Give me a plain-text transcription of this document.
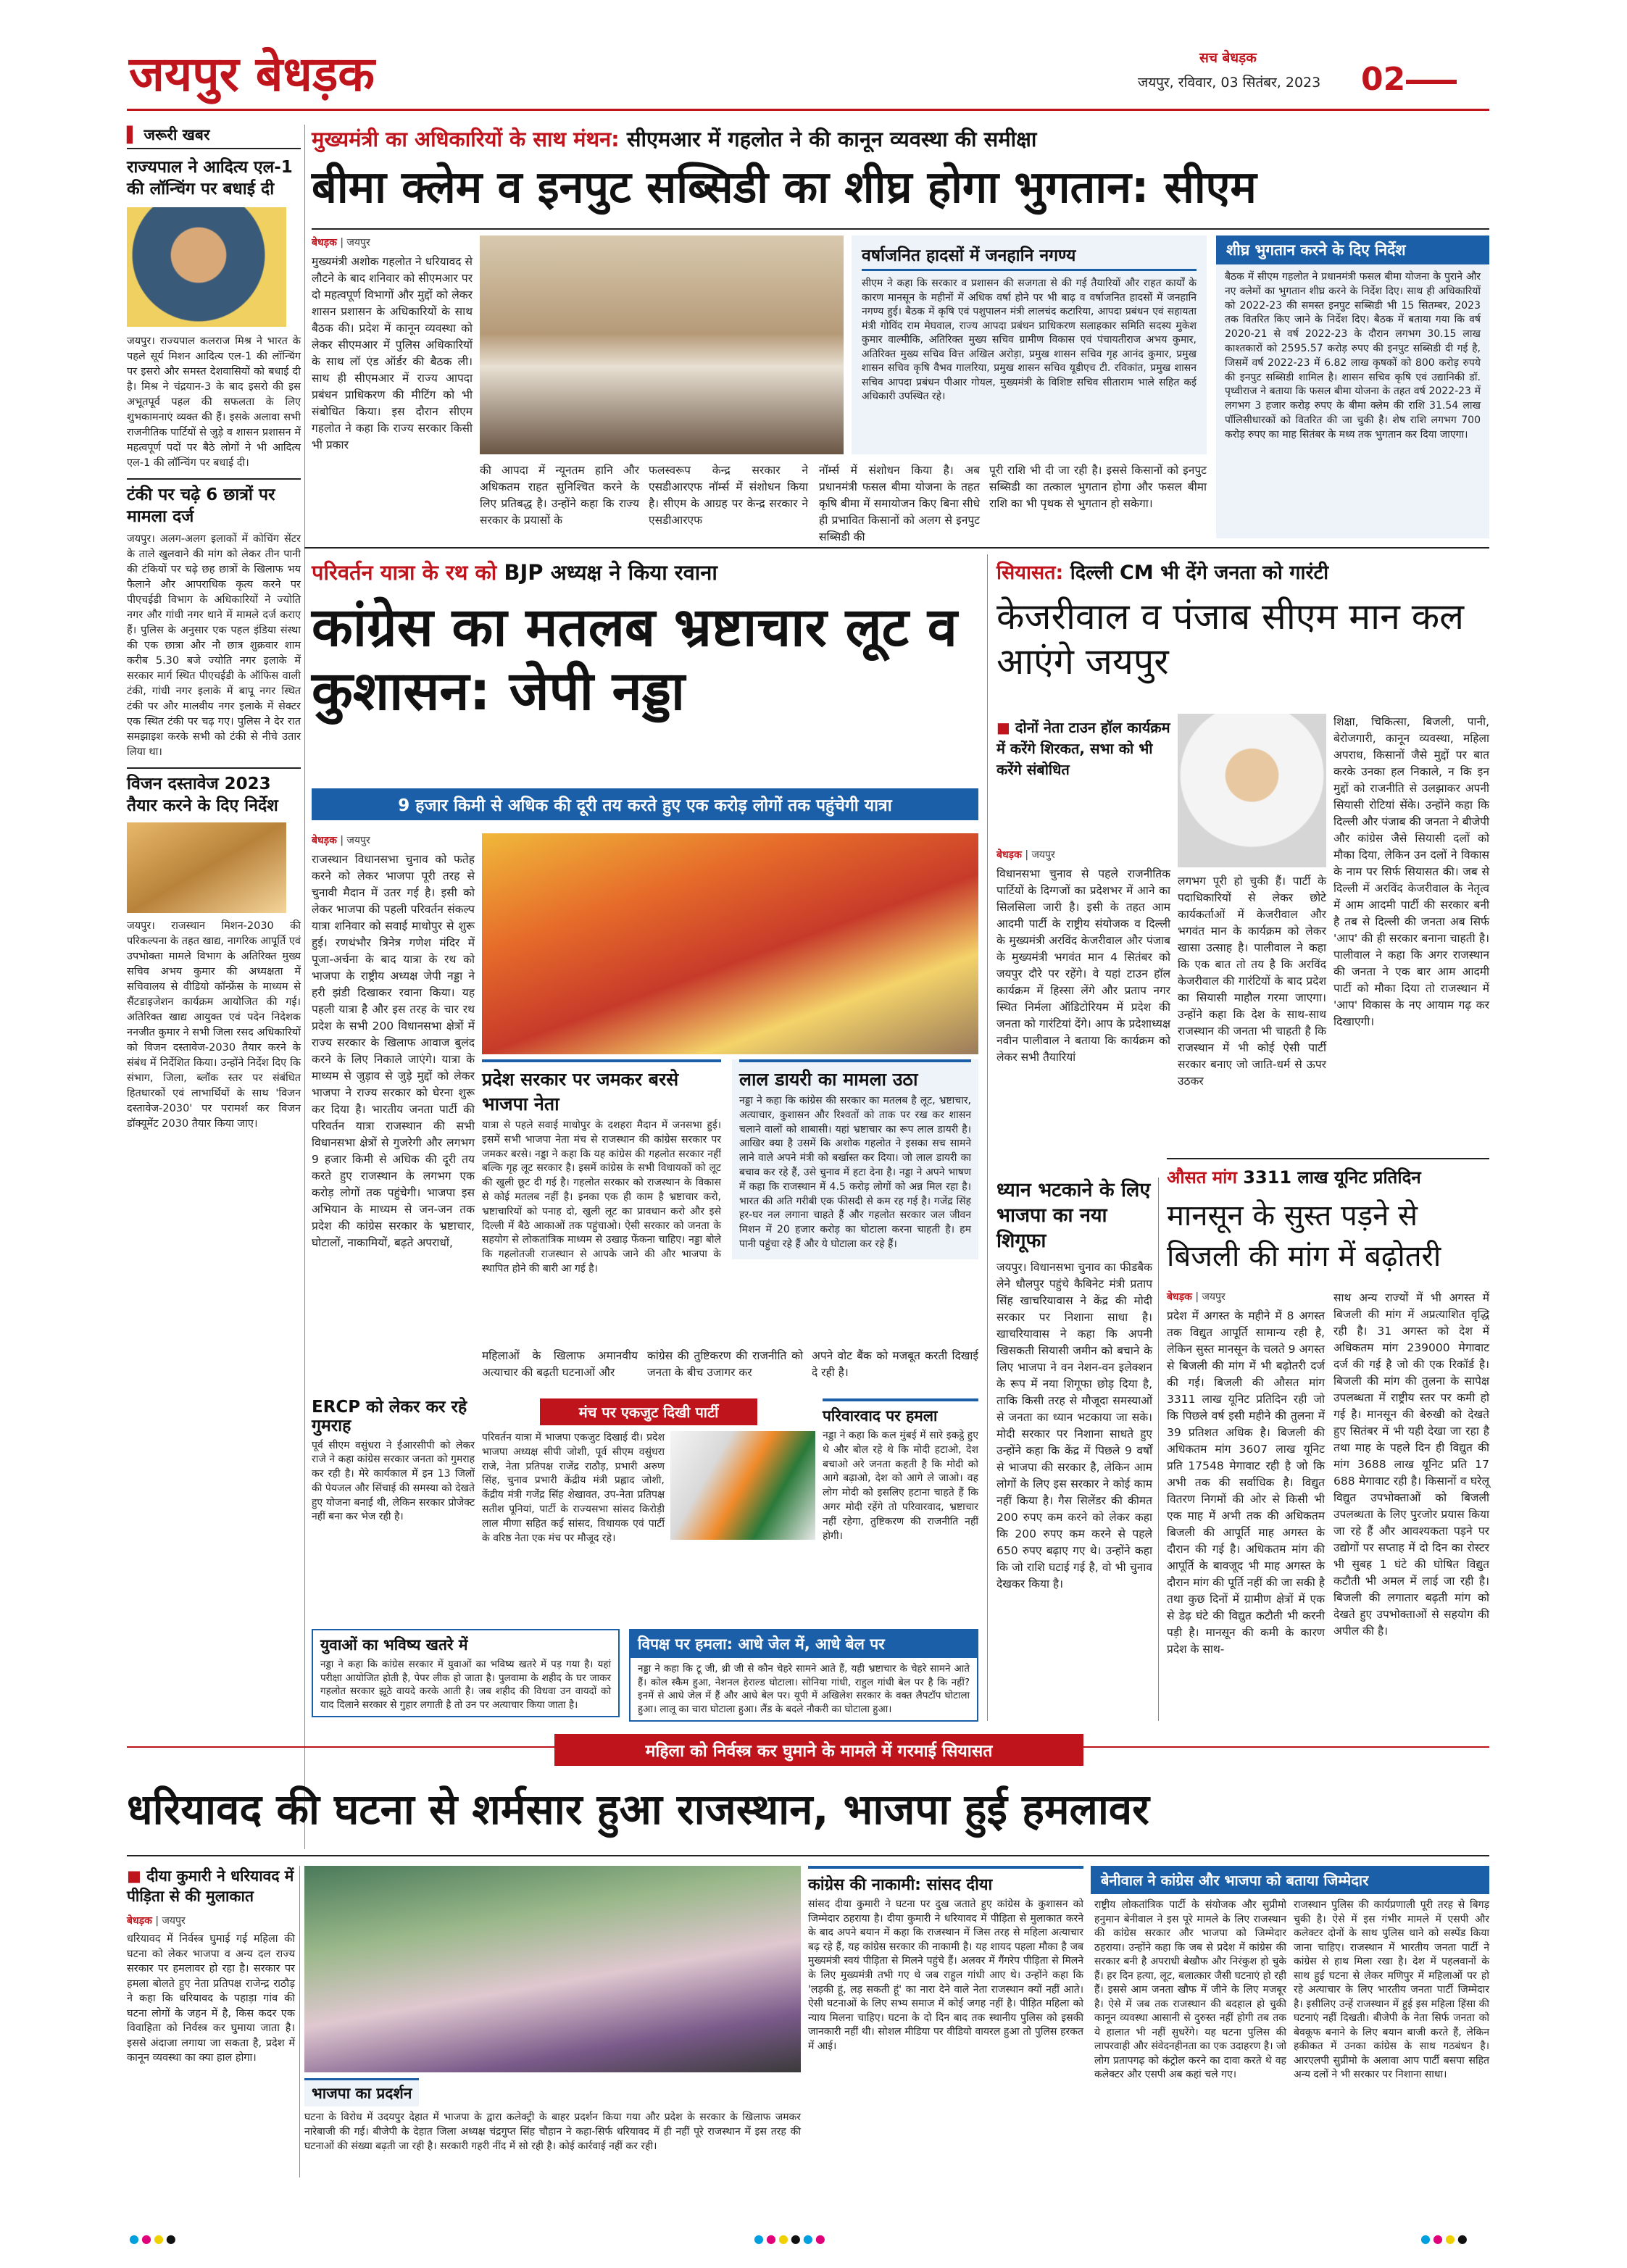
जयपुर बेधड़क	सच बेधड़क
जयपुर, रविवार, 03 सितंबर, 2023 02
▌ जरूरी खबर
राज्यपाल ने आदित्य एल-1 की लॉन्चिंग पर बधाई दी

जयपुर। राज्यपाल कलराज मिश्र ने भारत के पहले सूर्य मिशन आदित्य एल-1 की लॉन्चिंग पर इसरो और समस्त देशवासियों को बधाई दी है। मिश्र ने चंद्रयान-3 के बाद इसरो की इस अभूतपूर्व पहल की सफलता के लिए शुभकामनाएं व्यक्त की हैं। इसके अलावा सभी राजनीतिक पार्टियों से जुड़े व शासन प्रशासन में महत्वपूर्ण पदों पर बैठे लोगों ने भी आदित्य एल-1 की लॉन्चिंग पर बधाई दी।

टंकी पर चढ़े 6 छात्रों पर मामला दर्ज

जयपुर। अलग-अलग इलाकों में कोचिंग सेंटर के ताले खुलवाने की मांग को लेकर तीन पानी की टंकियों पर चढ़े छह छात्रों के खिलाफ भय फैलाने और आपराधिक कृत्य करने पर पीएचईडी विभाग के अधिकारियों ने ज्योति नगर और गांधी नगर थाने में मामले दर्ज कराए हैं। पुलिस के अनुसार एक पहल इंडिया संस्था की एक छात्रा और नौ छात्र शुक्रवार शाम करीब 5.30 बजे ज्योति नगर इलाके में सरकार मार्ग स्थित पीएचईडी के ऑफिस वाली टंकी, गांधी नगर इलाके में बापू नगर स्थित टंकी पर और मालवीय नगर इलाके में सेक्टर एक स्थित टंकी पर चढ़ गए। पुलिस ने देर रात समझाइश करके सभी को टंकी से नीचे उतार लिया था।

विजन दस्तावेज 2023 तैयार करने के दिए निर्देश

जयपुर। राजस्थान मिशन-2030 की परिकल्पना के तहत खाद्य, नागरिक आपूर्ति एवं उपभोक्ता मामले विभाग के अतिरिक्त मुख्य सचिव अभय कुमार की अध्यक्षता में सचिवालय से वीडियो कॉन्फ्रेंस के माध्यम से सैंटडाइजेशन कार्यक्रम आयोजित की गई। अतिरिक्त खाद्य आयुक्त एवं पदेन निदेशक ननजीत कुमार ने सभी जिला रसद अधिकारियों को विजन दस्तावेज-2030 तैयार करने के संबंध में निर्देशित किया। उन्होंने निर्देश दिए कि संभाग, जिला, ब्लॉक स्तर पर संबंधित हितधारकों एवं लाभार्थियों के साथ 'विजन दस्तावेज-2030' पर परामर्श कर विजन डॉक्यूमेंट 2030 तैयार किया जाए।

मुख्यमंत्री का अधिकारियों के साथ मंथन: सीएमआर में गहलोत ने की कानून व्यवस्था की समीक्षा
बीमा क्लेम व इनपुट सब्सिडी का शीघ्र होगा भुगतान: सीएम
बेधड़क | जयपुर

मुख्यमंत्री अशोक गहलोत ने धरियावद से लौटने के बाद शनिवार को सीएमआर पर दो महत्वपूर्ण विभागों और मुद्दों को लेकर शासन प्रशासन के अधिकारियों के साथ बैठक की। प्रदेश में कानून व्यवस्था को लेकर सीएमआर में पुलिस अधिकारियों के साथ लॉ एंड ऑर्डर की बैठक ली। साथ ही सीएमआर में राज्य आपदा प्रबंधन प्राधिकरण की मीटिंग को भी संबोधित किया। इस दौरान सीएम गहलोत ने कहा कि राज्य सरकार किसी भी प्रकार

की आपदा में न्यूनतम हानि और अधिकतम राहत सुनिश्चित करने के लिए प्रतिबद्ध है। उन्होंने कहा कि राज्य सरकार के प्रयासों के

फलस्वरूप केन्द्र सरकार ने एसडीआरएफ नॉर्म्स में संशोधन किया है। सीएम के आग्रह पर केन्द्र सरकार ने एसडीआरएफ

नॉर्म्स में संशोधन किया है। अब प्रधानमंत्री फसल बीमा योजना के तहत कृषि बीमा में समायोजन किए बिना सीधे ही प्रभावित किसानों को अलग से इनपुट सब्सिडी की

पूरी राशि भी दी जा रही है। इससे किसानों को इनपुट सब्सिडी का तत्काल भुगतान होगा और फसल बीमा राशि का भी पृथक से भुगतान हो सकेगा।

वर्षाजनित हादसों में जनहानि नगण्य

सीएम ने कहा कि सरकार व प्रशासन की सजगता से की गई तैयारियों और राहत कार्यों के कारण मानसून के महीनों में अधिक वर्षा होने पर भी बाढ़ व वर्षाजनित हादसों में जनहानि नगण्य हुई। बैठक में कृषि एवं पशुपालन मंत्री लालचंद कटारिया, आपदा प्रबंधन एवं सहायता मंत्री गोविंद राम मेघवाल, राज्य आपदा प्रबंधन प्राधिकरण सलाहकार समिति सदस्य मुकेश कुमार वाल्मीकि, अतिरिक्त मुख्य सचिव ग्रामीण विकास एवं पंचायतीराज अभय कुमार, अतिरिक्त मुख्य सचिव वित्त अखिल अरोड़ा, प्रमुख शासन सचिव गृह आनंद कुमार, प्रमुख शासन सचिव कृषि वैभव गालरिया, प्रमुख शासन सचिव यूडीएच टी. रविकांत, प्रमुख शासन सचिव आपदा प्रबंधन पीआर गोयल, मुख्यमंत्री के विशिष्ट सचिव सीताराम भाले सहित कई अधिकारी उपस्थित रहे।

शीघ्र भुगतान करने के दिए निर्देश

बैठक में सीएम गहलोत ने प्रधानमंत्री फसल बीमा योजना के पुराने और नए क्लेमों का भुगतान शीघ्र करने के निर्देश दिए। साथ ही अधिकारियों को 2022-23 की समस्त इनपुट सब्सिडी भी 15 सितम्बर, 2023 तक वितरित किए जाने के निर्देश दिए। बैठक में बताया गया कि वर्ष 2020-21 से वर्ष 2022-23 के दौरान लगभग 30.15 लाख काश्तकारों को 2595.57 करोड़ रुपए की इनपुट सब्सिडी दी गई है, जिसमें वर्ष 2022-23 में 6.82 लाख कृषकों को 800 करोड़ रुपये की इनपुट सब्सिडी शामिल है। शासन सचिव कृषि एवं उद्यानिकी डॉ. पृथ्वीराज ने बताया कि फसल बीमा योजना के तहत वर्ष 2022-23 में लगभग 3 हजार करोड़ रुपए के बीमा क्लेम की राशि 31.54 लाख पॉलिसीधारकों को वितरित की जा चुकी है। शेष राशि लगभग 700 करोड़ रुपए का माह सितंबर के मध्य तक भुगतान कर दिया जाएगा।

परिवर्तन यात्रा के रथ को BJP अध्यक्ष ने किया रवाना
कांग्रेस का मतलब भ्रष्टाचार लूट व कुशासन: जेपी नड्डा
9 हजार किमी से अधिक की दूरी तय करते हुए एक करोड़ लोगों तक पहुंचेगी यात्रा
बेधड़क | जयपुर

राजस्थान विधानसभा चुनाव को फतेह करने को लेकर भाजपा पूरी तरह से चुनावी मैदान में उतर गई है। इसी को लेकर भाजपा की पहली परिवर्तन संकल्प यात्रा शनिवार को सवाई माधोपुर से शुरू हुई। रणथंभौर त्रिनेत्र गणेश मंदिर में पूजा-अर्चना के बाद यात्रा के रथ को भाजपा के राष्ट्रीय अध्यक्ष जेपी नड्डा ने हरी झंडी दिखाकर रवाना किया। यह पहली यात्रा है और इस तरह के चार रथ प्रदेश के सभी 200 विधानसभा क्षेत्रों में राज्य सरकार के खिलाफ आवाज बुलंद करने के लिए निकाले जाएंगे। यात्रा के माध्यम से जुड़ाव से जुड़े मुद्दों को लेकर भाजपा ने राज्य सरकार को घेरना शुरू कर दिया है। भारतीय जनता पार्टी की परिवर्तन यात्रा राजस्थान की सभी विधानसभा क्षेत्रों से गुजरेगी और लगभग 9 हजार किमी से अधिक की दूरी तय करते हुए राजस्थान के लगभग एक करोड़ लोगों तक पहुंचेगी। भाजपा इस अभियान के माध्यम से जन-जन तक प्रदेश की कांग्रेस सरकार के भ्रष्टाचार, घोटालों, नाकामियों, बढ़ते अपराधों,

प्रदेश सरकार पर जमकर बरसे भाजपा नेता

यात्रा से पहले सवाई माधोपुर के दशहरा मैदान में जनसभा हुई। इसमें सभी भाजपा नेता मंच से राजस्थान की कांग्रेस सरकार पर जमकर बरसे। नड्डा ने कहा कि यह कांग्रेस की गहलोत सरकार नहीं बल्कि गृह लूट सरकार है। इसमें कांग्रेस के सभी विधायकों को लूट की खुली छूट दी गई है। गहलोत सरकार को राजस्थान के विकास से कोई मतलब नहीं है। इनका एक ही काम है भ्रष्टाचार करो, भ्रष्टाचारियों को पनाह दो, खुली लूट का प्रावधान करो और इसे दिल्ली में बैठे आकाओं तक पहुंचाओ। ऐसी सरकार को जनता के सहयोग से लोकतांत्रिक माध्यम से उखाड़ फेंकना चाहिए। नड्डा बोले कि गहलोतजी राजस्थान से आपके जाने की और भाजपा के स्थापित होने की बारी आ गई है।

लाल डायरी का मामला उठा

नड्डा ने कहा कि कांग्रेस की सरकार का मतलब है लूट, भ्रष्टाचार, अत्याचार, कुशासन और रिश्वतों को ताक पर रख कर शासन चलाने वालों को शाबासी। यहां भ्रष्टाचार का रूप लाल डायरी है। आखिर क्या है उसमें कि अशोक गहलोत ने इसका सच सामने लाने वाले अपने मंत्री को बर्खास्त कर दिया। जो लाल डायरी का बचाव कर रहे हैं, उसे चुनाव में हटा देना है। नड्डा ने अपने भाषण में कहा कि राजस्थान में 4.5 करोड़ लोगों को अन्न मिल रहा है। भारत की अति गरीबी एक फीसदी से कम रह गई है। गजेंद्र सिंह हर-घर नल लगाना चाहते हैं और गहलोत सरकार जल जीवन मिशन में 20 हजार करोड़ का घोटाला करना चाहती है। हम पानी पहुंचा रहे हैं और ये घोटाला कर रहे हैं।

महिलाओं के खिलाफ अमानवीय अत्याचार की बढ़ती घटनाओं और

कांग्रेस की तुष्टिकरण की राजनीति को जनता के बीच उजागर कर

अपने वोट बैंक को मजबूत करती दिखाई दे रही है।

ERCP को लेकर कर रहे गुमराह

पूर्व सीएम वसुंधरा ने ईआरसीपी को लेकर राजे ने कहा कांग्रेस सरकार जनता को गुमराह कर रही है। मेरे कार्यकाल में इन 13 जिलों की पेयजल और सिंचाई की समस्या को देखते हुए योजना बनाई थी, लेकिन सरकार प्रोजेक्ट नहीं बना कर भेज रही है।

मंच पर एकजुट दिखी पार्टी

परिवर्तन यात्रा में भाजपा एकजुट दिखाई दी। प्रदेश भाजपा अध्यक्ष सीपी जोशी, पूर्व सीएम वसुंधरा राजे, नेता प्रतिपक्ष राजेंद्र राठौड़, प्रभारी अरुण सिंह, चुनाव प्रभारी केंद्रीय मंत्री प्रह्लाद जोशी, केंद्रीय मंत्री गजेंद्र सिंह शेखावत, उप-नेता प्रतिपक्ष सतीश पूनियां, पार्टी के राज्यसभा सांसद किरोड़ी लाल मीणा सहित कई सांसद, विधायक एवं पार्टी के वरिष्ठ नेता एक मंच पर मौजूद रहे।

परिवारवाद पर हमला

नड्डा ने कहा कि कल मुंबई में सारे इकट्ठे हुए थे और बोल रहे थे कि मोदी हटाओ, देश बचाओ अरे जनता कहती है कि मोदी को आगे बढ़ाओ, देश को आगे ले जाओ। वह लोग मोदी को इसलिए हटाना चाहते हैं कि अगर मोदी रहेंगे तो परिवारवाद, भ्रष्टाचार नहीं रहेगा, तुष्टिकरण की राजनीति नहीं होगी।

युवाओं का भविष्य खतरे में

नड्डा ने कहा कि कांग्रेस सरकार में युवाओं का भविष्य खतरे में पड़ गया है। यहां परीक्षा आयोजित होती है, पेपर लीक हो जाता है। पुलवामा के शहीद के घर जाकर गहलोत सरकार झूठे वायदे करके आती है। जब शहीद की विधवा उन वायदों को याद दिलाने सरकार से गुहार लगाती है तो उन पर अत्याचार किया जाता है।

विपक्ष पर हमला: आधे जेल में, आधे बेल पर

नड्डा ने कहा कि टू जी, थ्री जी से कौन चेहरे सामने आते हैं, यही भ्रष्टाचार के चेहरे सामने आते हैं। कोल स्कैम हुआ, नेशनल हेराल्ड घोटाला। सोनिया गांधी, राहुल गांधी बेल पर है कि नहीं? इनमें से आधे जेल में हैं और आधे बेल पर। यूपी में अखिलेश सरकार के वक्त लैपटॉप घोटाला हुआ। लालू का चारा घोटाला हुआ। लैंड के बदले नौकरी का घोटाला हुआ।

सियासत: दिल्ली CM भी देंगे जनता को गारंटी
केजरीवाल व पंजाब सीएम मान कल आएंगे जयपुर
■ दोनों नेता टाउन हॉल कार्यक्रम में करेंगे शिरकत, सभा को भी करेंगे संबोधित

शिक्षा, चिकित्सा, बिजली, पानी, बेरोजगारी, कानून व्यवस्था, महिला अपराध, किसानों जैसे मुद्दों पर बात करके उनका हल निकाले, न कि इन मुद्दों को राजनीति से उलझाकर अपनी सियासी रोटियां सेंके। उन्होंने कहा कि दिल्ली और पंजाब की जनता ने बीजेपी और कांग्रेस जैसे सियासी दलों को मौका दिया, लेकिन उन दलों ने विकास के नाम पर सिर्फ सियासत की। जब से दिल्ली में अरविंद केजरीवाल के नेतृत्व में आम आदमी पार्टी की सरकार बनी है तब से दिल्ली की जनता अब सिर्फ 'आप' की ही सरकार बनाना चाहती है। पालीवाल ने कहा कि अगर राजस्थान की जनता ने एक बार आम आदमी पार्टी को मौका दिया तो राजस्थान में 'आप' विकास के नए आयाम गढ़ कर दिखाएगी।

बेधड़क | जयपुर

विधानसभा चुनाव से पहले राजनीतिक पार्टियों के दिग्गजों का प्रदेशभर में आने का सिलसिला जारी है। इसी के तहत आम आदमी पार्टी के राष्ट्रीय संयोजक व दिल्ली के मुख्यमंत्री अरविंद केजरीवाल और पंजाब के मुख्यमंत्री भगवंत मान 4 सितंबर को जयपुर दौरे पर रहेंगे। वे यहां टाउन हॉल कार्यक्रम में हिस्सा लेंगे और प्रताप नगर स्थित निर्मला ऑडिटोरियम में प्रदेश की जनता को गारंटियां देंगे। आप के प्रदेशाध्यक्ष नवीन पालीवाल ने बताया कि कार्यक्रम को लेकर सभी तैयारियां

लगभग पूरी हो चुकी हैं। पार्टी के पदाधिकारियों से लेकर छोटे कार्यकर्ताओं में केजरीवाल और भगवंत मान के कार्यक्रम को लेकर खासा उत्साह है। पालीवाल ने कहा कि एक बात तो तय है कि अरविंद केजरीवाल की गारंटियों के बाद प्रदेश का सियासी माहौल गरमा जाएगा। उन्होंने कहा कि देश के साथ-साथ राजस्थान की जनता भी चाहती है कि राजस्थान में भी कोई ऐसी पार्टी सरकार बनाए जो जाति-धर्म से ऊपर उठकर

ध्यान भटकाने के लिए भाजपा का नया शिगूफा

जयपुर। विधानसभा चुनाव का फीडबैक लेने धौलपुर पहुंचे कैबिनेट मंत्री प्रताप सिंह खाचरियावास ने केंद्र की मोदी सरकार पर निशाना साधा है। खाचरियावास ने कहा कि अपनी खिसकती सियासी जमीन को बचाने के लिए भाजपा ने वन नेशन-वन इलेक्शन के रूप में नया शिगूफा छोड़ दिया है, ताकि किसी तरह से मौजूदा समस्याओं से जनता का ध्यान भटकाया जा सके। मोदी सरकार पर निशाना साधते हुए उन्होंने कहा कि केंद्र में पिछले 9 वर्षों से भाजपा की सरकार है, लेकिन आम लोगों के लिए इस सरकार ने कोई काम नहीं किया है। गैस सिलेंडर की कीमत 200 रुपए कम करने को लेकर कहा कि 200 रुपए कम करने से पहले 650 रुपए बढ़ाए गए थे। उन्होंने कहा कि जो राशि घटाई गई है, वो भी चुनाव देखकर किया है।

औसत मांग 3311 लाख यूनिट प्रतिदिन
मानसून के सुस्त पड़ने से बिजली की मांग में बढ़ोतरी
बेधड़क | जयपुर

प्रदेश में अगस्त के महीने में 8 अगस्त तक विद्युत आपूर्ति सामान्य रही है, लेकिन सुस्त मानसून के चलते 9 अगस्त से बिजली की मांग में भी बढ़ोतरी दर्ज की गई। बिजली की औसत मांग 3311 लाख यूनिट प्रतिदिन रही जो कि पिछले वर्ष इसी महीने की तुलना में 39 प्रतिशत अधिक है। बिजली की अधिकतम मांग 3607 लाख यूनिट प्रति 17548 मेगावाट रही है जो कि अभी तक की सर्वाधिक है। विद्युत वितरण निगमों की ओर से किसी भी एक माह में अभी तक की अधिकतम बिजली की आपूर्ति माह अगस्त के दौरान की गई है। अधिकतम मांग की आपूर्ति के बावजूद भी माह अगस्त के दौरान मांग की पूर्ति नहीं की जा सकी है तथा कुछ दिनों में ग्रामीण क्षेत्रों में एक से डेढ़ घंटे की विद्युत कटौती भी करनी पड़ी है। मानसून की कमी के कारण प्रदेश के साथ-

साथ अन्य राज्यों में भी अगस्त में बिजली की मांग में अप्रत्याशित वृद्धि रही है। 31 अगस्त को देश में अधिकतम मांग 239000 मेगावाट दर्ज की गई है जो की एक रिकॉर्ड है। बिजली की मांग की तुलना के सापेक्ष उपलब्धता में राष्ट्रीय स्तर पर कमी हो गई है। मानसून की बेरुखी को देखते हुए सितंबर में भी यही देखा जा रहा है तथा माह के पहले दिन ही विद्युत की मांग 3688 लाख यूनिट प्रति 17 688 मेगावाट रही है। किसानों व घरेलू विद्युत उपभोक्ताओं को बिजली उपलब्धता के लिए पुरजोर प्रयास किया जा रहे हैं और आवश्यकता पड़ने पर उद्योगों पर सप्ताह में दो दिन का रोस्टर भी सुबह 1 घंटे की घोषित विद्युत कटौती भी अमल में लाई जा रही है। बिजली की लगातार बढ़ती मांग को देखते हुए उपभोक्ताओं से सहयोग की अपील की है।

महिला को निर्वस्त्र कर घुमाने के मामले में गरमाई सियासत
धरियावद की घटना से शर्मसार हुआ राजस्थान, भाजपा हुई हमलावर
■ दीया कुमारी ने धरियावद में पीड़िता से की मुलाकात
बेधड़क | जयपुर

धरियावद में निर्वस्त्र घुमाई गई महिला की घटना को लेकर भाजपा व अन्य दल राज्य सरकार पर हमलावर हो रहा है। सरकार पर हमला बोलते हुए नेता प्रतिपक्ष राजेन्द्र राठौड़ ने कहा कि धरियावद के पहाड़ा गांव की घटना लोगों के जहन में है, किस कदर एक विवाहिता को निर्वस्त्र कर घुमाया जाता है। इससे अंदाजा लगाया जा सकता है, प्रदेश में कानून व्यवस्था का क्या हाल होगा।

भाजपा का प्रदर्शन

घटना के विरोध में उदयपुर देहात में भाजपा के द्वारा कलेक्ट्री के बाहर प्रदर्शन किया गया और प्रदेश के सरकार के खिलाफ जमकर नारेबाजी की गई। बीजेपी के देहात जिला अध्यक्ष चंद्रगुप्त सिंह चौहान ने कहा-सिर्फ धरियावद में ही नहीं पूरे राजस्थान में इस तरह की घटनाओं की संख्या बढ़ती जा रही है। सरकारी गहरी नींद में सो रही है। कोई कार्रवाई नहीं कर रही।

कांग्रेस की नाकामी: सांसद दीया

सांसद दीया कुमारी ने घटना पर दुख जताते हुए कांग्रेस के कुशासन को जिम्मेदार ठहराया है। दीया कुमारी ने धरियावद में पीड़िता से मुलाकात करने के बाद अपने बयान में कहा कि राजस्थान में जिस तरह से महिला अत्याचार बढ़ रहे हैं, यह कांग्रेस सरकार की नाकामी है। यह शायद पहला मौका है जब मुख्यमंत्री स्वयं पीड़िता से मिलने पहुंचे हैं। अलवर में गैंगरेप पीड़िता से मिलने के लिए मुख्यमंत्री तभी गए थे जब राहुल गांधी आए थे। उन्होंने कहा कि 'लड़की हूं, लड़ सकती हूं' का नारा देने वाले नेता राजस्थान क्यों नहीं आते। ऐसी घटनाओं के लिए सभ्य समाज में कोई जगह नहीं है। पीड़ित महिला को न्याय मिलना चाहिए। घटना के दो दिन बाद तक स्थानीय पुलिस को इसकी जानकारी नहीं थी। सोशल मीडिया पर वीडियो वायरल हुआ तो पुलिस हरकत में आई।

बेनीवाल ने कांग्रेस और भाजपा को बताया जिम्मेदार

राष्ट्रीय लोकतांत्रिक पार्टी के संयोजक और सुप्रीमो हनुमान बेनीवाल ने इस पूरे मामले के लिए राजस्थान की कांग्रेस सरकार और भाजपा को जिम्मेदार ठहराया। उन्होंने कहा कि जब से प्रदेश में कांग्रेस की सरकार बनी है अपराधी बेखौफ और निरंकुश हो चुके हैं। हर दिन हत्या, लूट, बलात्कार जैसी घटनाएं हो रही हैं। इससे आम जनता खौफ में जीने के लिए मजबूर है। ऐसे में जब तक राजस्थान की बदहाल हो चुकी कानून व्यवस्था आसानी से दुरुस्त नहीं होगी तब तक ये हालात भी नहीं सुधरेंगे। यह घटना पुलिस की लापरवाही और संवेदनहीनता का एक उदाहरण है। जो लोग प्रतापगढ़ को कंट्रोल करने का दावा करते थे वह कलेक्टर और एसपी अब कहां चले गए।

राजस्थान पुलिस की कार्यप्रणाली पूरी तरह से बिगड़ चुकी है। ऐसे में इस गंभीर मामले में एसपी और कलेक्टर दोनों के साथ पुलिस थाने को सस्पेंड किया जाना चाहिए। राजस्थान में भारतीय जनता पार्टी ने कांग्रेस से हाथ मिला रखा है। देश में पहलवानों के साथ हुई घटना से लेकर मणिपुर में महिलाओं पर हो रहे अत्याचार के लिए भारतीय जनता पार्टी जिम्मेदार है। इसीलिए उन्हें राजस्थान में हुई इस महिला हिंसा की घटनाएं नहीं दिखती। बीजेपी के नेता सिर्फ जनता को बेवकूफ बनाने के लिए बयान बाजी करते हैं, लेकिन हकीकत में उनका कांग्रेस के साथ गठबंधन है। आरएलपी सुप्रीमो के अलावा आप पार्टी बसपा सहित अन्य दलों ने भी सरकार पर निशाना साधा।

●●●●	●●●●●●	●●●●
